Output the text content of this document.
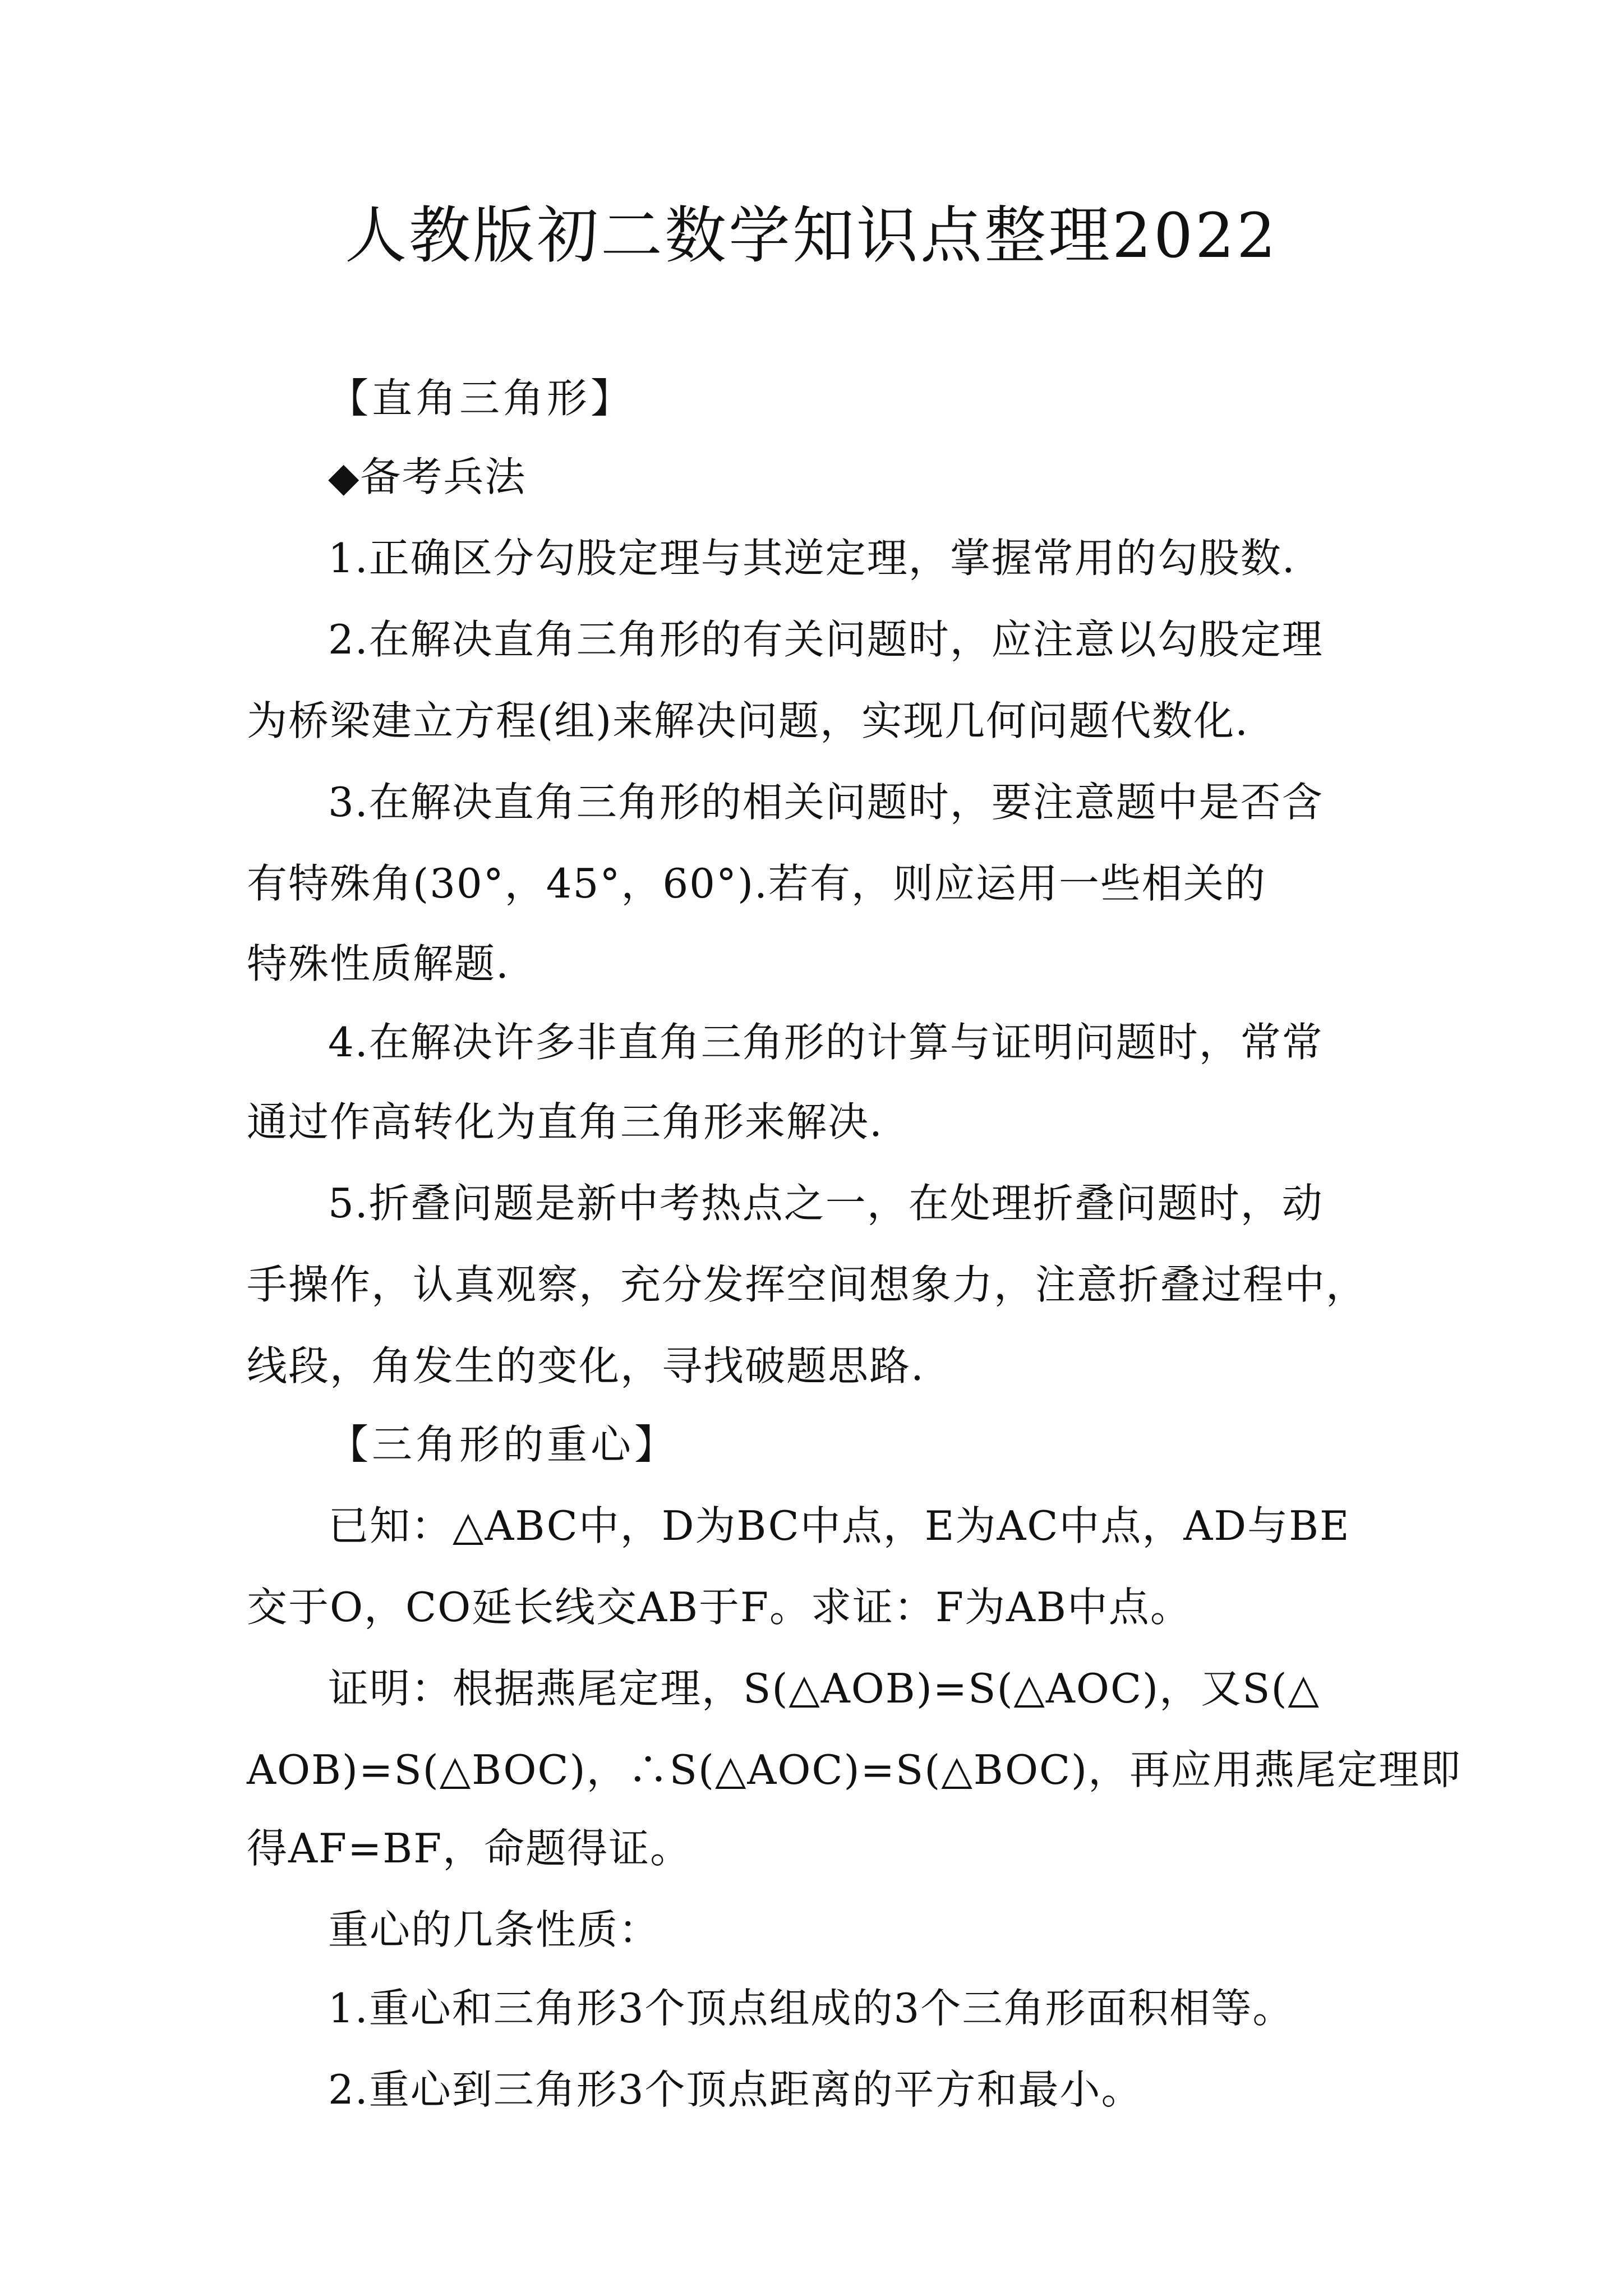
人教版初二数学知识点整理2022
【直角三角形】
◆备考兵法
1.正确区分勾股定理与其逆定理，掌握常用的勾股数.
2.在解决直角三角形的有关问题时，应注意以勾股定理
为桥梁建立方程(组)来解决问题，实现几何问题代数化.
3.在解决直角三角形的相关问题时，要注意题中是否含
有特殊角(30°，45°，60°).若有，则应运用一些相关的
特殊性质解题.
4.在解决许多非直角三角形的计算与证明问题时，常常
通过作高转化为直角三角形来解决.
5.折叠问题是新中考热点之一，在处理折叠问题时，动
手操作，认真观察，充分发挥空间想象力，注意折叠过程中，
线段，角发生的变化，寻找破题思路.
【三角形的重心】
已知：△ABC中，D为BC中点，E为AC中点，AD与BE
交于O，CO延长线交AB于F。求证：F为AB中点。
证明：根据燕尾定理，S(△AOB)=S(△AOC)，又S(△
AOB)=S(△BOC)，∴S(△AOC)=S(△BOC)，再应用燕尾定理即
得AF=BF，命题得证。
重心的几条性质：
1.重心和三角形3个顶点组成的3个三角形面积相等。
2.重心到三角形3个顶点距离的平方和最小。
